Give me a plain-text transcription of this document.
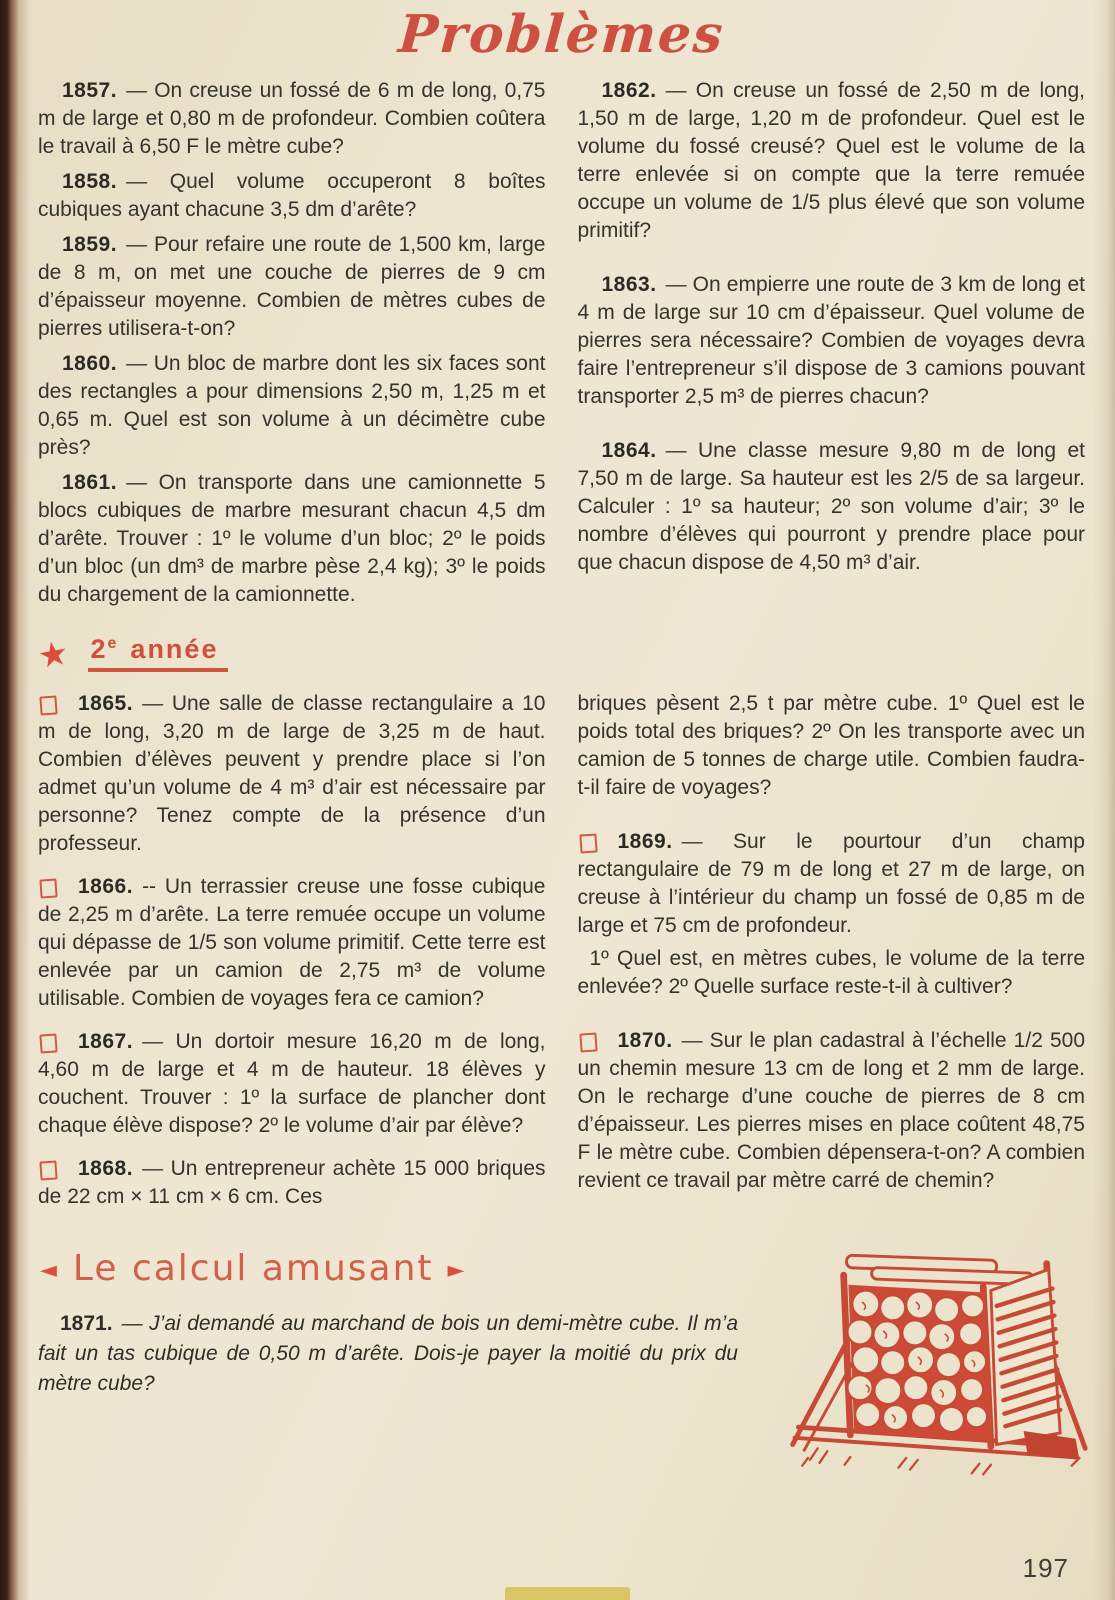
Problèmes

1857. — On creuse un fossé de 6 m de long, 0,75 m de large et 0,80 m de profondeur. Combien coûtera le travail à 6,50 F le mètre cube?

1858. — Quel volume occuperont 8 boîtes cubiques ayant chacune 3,5 dm d’arête?

1859. — Pour refaire une route de 1,500 km, large de 8 m, on met une couche de pierres de 9 cm d’épaisseur moyenne. Combien de mètres cubes de pierres utilisera-t-on?

1860. — Un bloc de marbre dont les six faces sont des rectangles a pour dimensions 2,50 m, 1,25 m et 0,65 m. Quel est son volume à un décimètre cube près?

1861. — On transporte dans une camionnette 5 blocs cubiques de marbre mesurant chacun 4,5 dm d’arête. Trouver : 1º le volume d’un bloc; 2º le poids d’un bloc (un dm³ de marbre pèse 2,4 kg); 3º le poids du chargement de la camionnette.

1862. — On creuse un fossé de 2,50 m de long, 1,50 m de large, 1,20 m de profondeur. Quel est le volume du fossé creusé? Quel est le volume de la terre enlevée si on compte que la terre remuée occupe un volume de 1/5 plus élevé que son volume primitif?

1863. — On empierre une route de 3 km de long et 4 m de large sur 10 cm d’épaisseur. Quel volume de pierres sera nécessaire? Combien de voyages devra faire l’entrepreneur s’il dispose de 3 camions pouvant transporter 2,5 m³ de pierres chacun?

1864. — Une classe mesure 9,80 m de long et 7,50 m de large. Sa hauteur est les 2/5 de sa largeur. Calculer : 1º sa hauteur; 2º son volume d’air; 3º le nombre d’élèves qui pourront y prendre place pour que chacun dispose de 4,50 m³ d’air.

★ 2e année

1865. — Une salle de classe rectangulaire a 10 m de long, 3,20 m de large de 3,25 m de haut. Combien d’élèves peuvent y prendre place si l’on admet qu’un volume de 4 m³ d’air est nécessaire par personne? Tenez compte de la présence d’un professeur.

1866. -- Un terrassier creuse une fosse cubique de 2,25 m d’arête. La terre remuée occupe un volume qui dépasse de 1/5 son volume primitif. Cette terre est enlevée par un camion de 2,75 m³ de volume utilisable. Combien de voyages fera ce camion?

1867. — Un dortoir mesure 16,20 m de long, 4,60 m de large et 4 m de hauteur. 18 élèves y couchent. Trouver : 1º la surface de plancher dont chaque élève dispose? 2º le volume d’air par élève?

1868. — Un entrepreneur achète 15 000 briques de 22 cm × 11 cm × 6 cm. Ces

briques pèsent 2,5 t par mètre cube. 1º Quel est le poids total des briques? 2º On les transporte avec un camion de 5 tonnes de charge utile. Combien faudra-t-il faire de voyages?

1869. — Sur le pourtour d’un champ rectangulaire de 79 m de long et 27 m de large, on creuse à l’intérieur du champ un fossé de 0,85 m de large et 75 cm de profondeur.

1º Quel est, en mètres cubes, le volume de la terre enlevée? 2º Quelle surface reste-t-il à cultiver?

1870. — Sur le plan cadastral à l’échelle 1/2 500 un chemin mesure 13 cm de long et 2 mm de large. On le recharge d’une couche de pierres de 8 cm d’épaisseur. Les pierres mises en place coûtent 48,75 F le mètre cube. Combien dépensera-t-on? A combien revient ce travail par mètre carré de chemin?

◄ Le calcul amusant ►

1871. — J’ai demandé au marchand de bois un demi-mètre cube. Il m’a fait un tas cubique de 0,50 m d’arête. Dois-je payer la moitié du prix du mètre cube?

197
